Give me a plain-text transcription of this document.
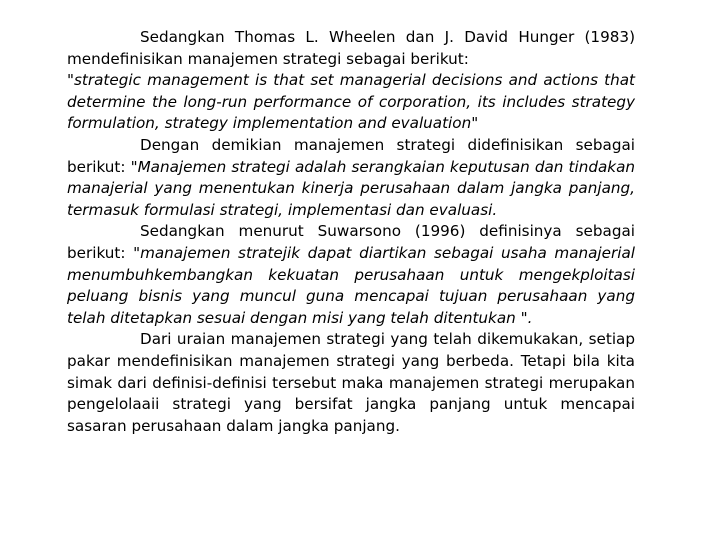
Sedangkan Thomas L. Wheelen dan J. David Hunger (1983) mendefinisikan manajemen strategi sebagai berikut:

"strategic management is that set managerial decisions and actions that determine the long-run performance of corporation, its includes strategy formulation, strategy implementation and evaluation"

Dengan demikian manajemen strategi didefinisikan sebagai berikut: "Manajemen strategi adalah serangkaian keputusan dan tindakan manajerial yang menentukan kinerja perusahaan dalam jangka panjang, termasuk formulasi strategi, implementasi dan evaluasi.

Sedangkan menurut Suwarsono (1996) definisinya sebagai berikut: "manajemen stratejik dapat diartikan sebagai usaha manajerial menumbuhkembangkan kekuatan perusahaan untuk mengekploitasi peluang bisnis yang muncul guna mencapai tujuan perusahaan yang telah ditetapkan sesuai dengan misi yang telah ditentukan ".

Dari uraian manajemen strategi yang telah dikemukakan, setiap pakar mendefinisikan manajemen strategi yang berbeda. Tetapi bila kita simak dari definisi-definisi tersebut maka manajemen strategi merupakan pengelolaaii strategi yang bersifat jangka panjang untuk mencapai sasaran perusahaan dalam jangka panjang.
